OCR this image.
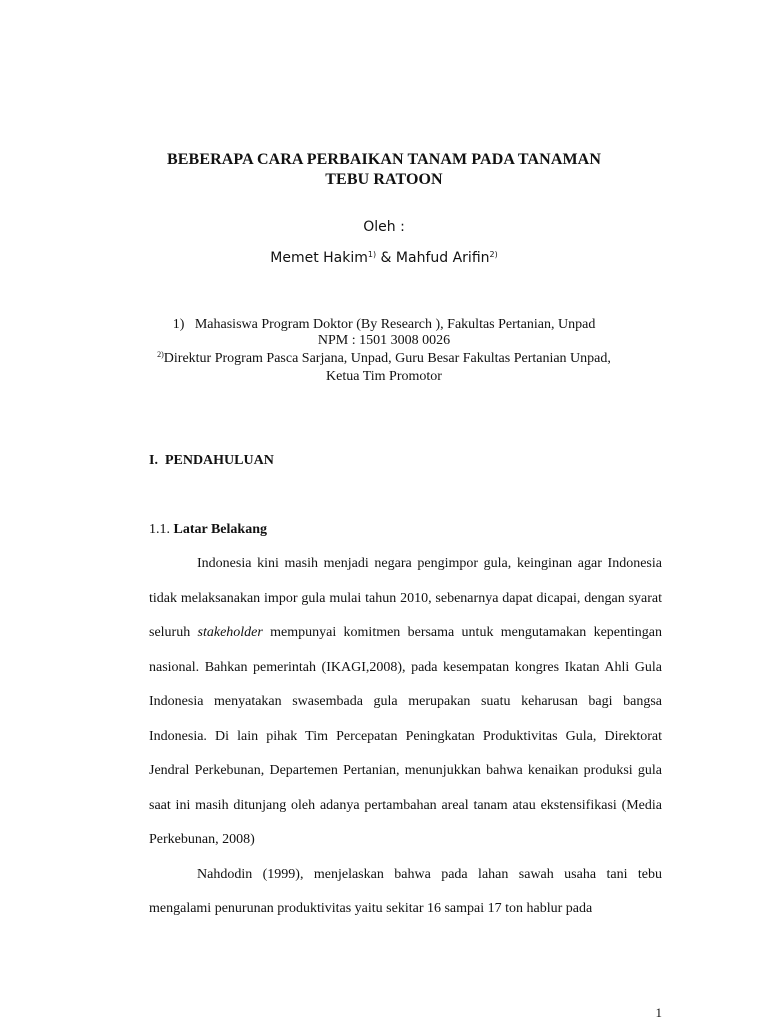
BEBERAPA CARA PERBAIKAN TANAM PADA TANAMAN
TEBU RATOON
Oleh :
Memet Hakim$^{1)}$ & Mahfud Arifin$^{2)}$
1)   Mahasiswa Program Doktor (By Research ), Fakultas Pertanian, Unpad
NPM : 1501 3008 0026
$^{2)}$Direktur Program Pasca Sarjana, Unpad, Guru Besar Fakultas Pertanian Unpad,
Ketua Tim Promotor
I.  PENDAHULUAN
1.1. Latar Belakang

Indonesia kini masih menjadi negara pengimpor gula, keinginan agar Indonesia tidak melaksanakan impor gula mulai tahun 2010, sebenarnya dapat dicapai, dengan syarat seluruh stakeholder mempunyai komitmen bersama untuk mengutamakan kepentingan nasional. Bahkan pemerintah (IKAGI,2008), pada kesempatan kongres Ikatan Ahli Gula Indonesia menyatakan swasembada gula merupakan suatu keharusan bagi bangsa Indonesia. Di lain pihak Tim Percepatan Peningkatan Produktivitas Gula, Direktorat Jendral Perkebunan, Departemen Pertanian, menunjukkan bahwa kenaikan produksi gula saat ini masih ditunjang oleh adanya pertambahan areal tanam atau ekstensifikasi (Media Perkebunan, 2008)

Nahdodin (1999), menjelaskan bahwa pada lahan sawah usaha tani tebu mengalami penurunan produktivitas yaitu sekitar 16 sampai 17 ton hablur pada

1
